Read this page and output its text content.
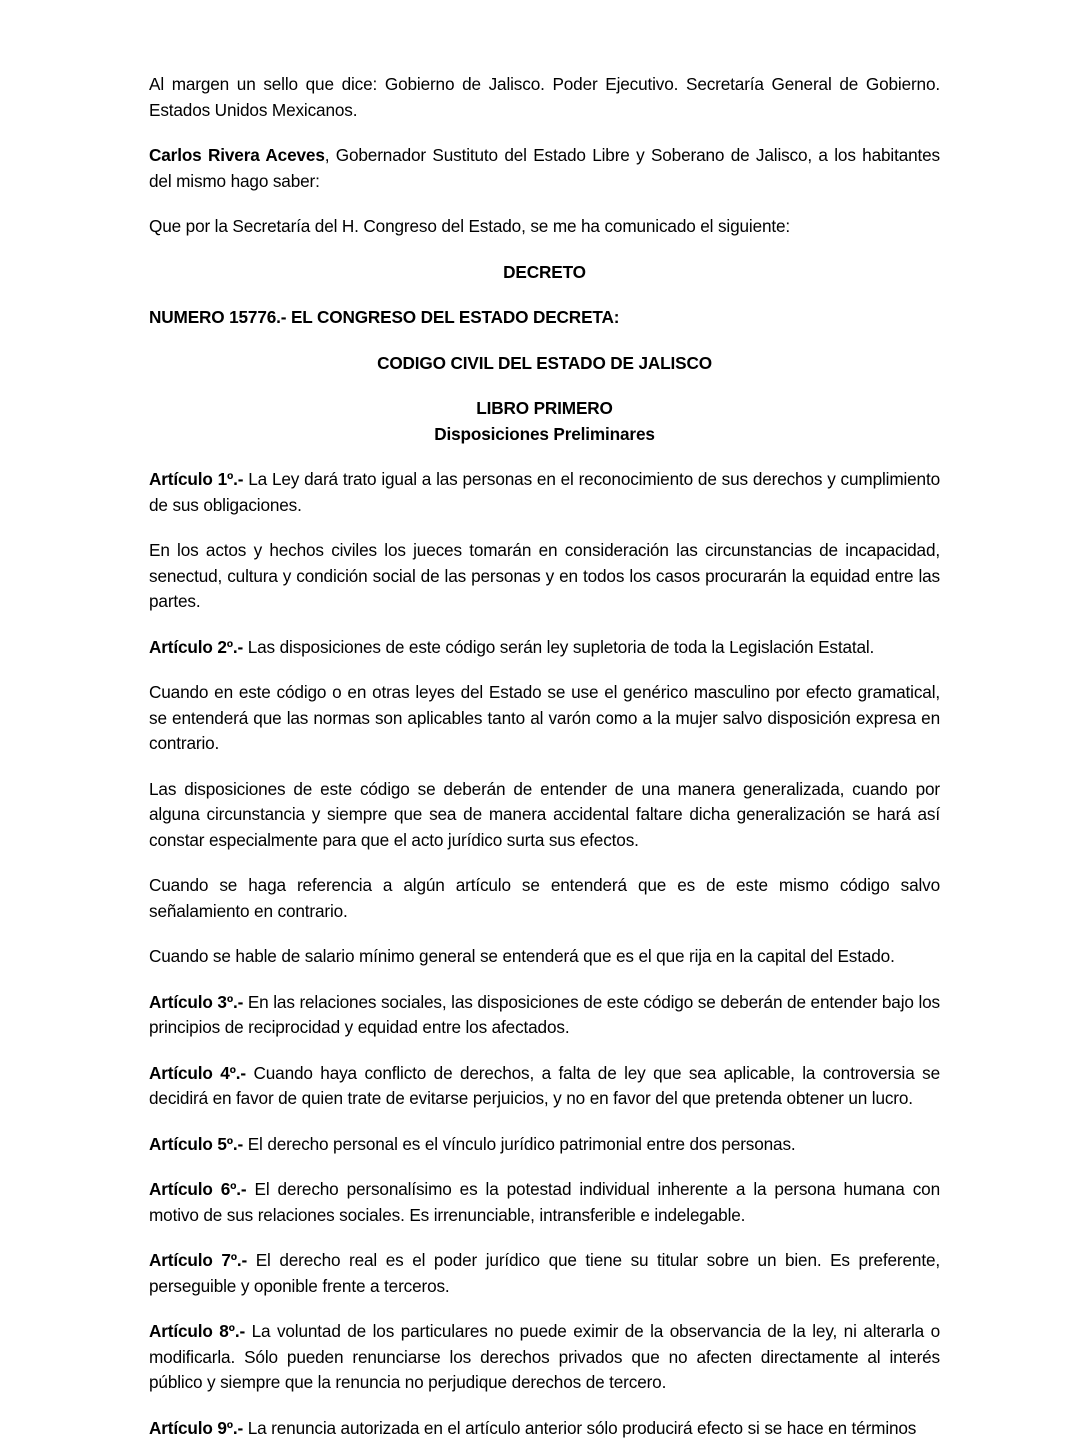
Al margen un sello que dice: Gobierno de Jalisco. Poder Ejecutivo. Secretaría General de Gobierno. Estados Unidos Mexicanos.

Carlos Rivera Aceves, Gobernador Sustituto del Estado Libre y Soberano de Jalisco, a los habitantes del mismo hago saber:

Que por la Secretaría del H. Congreso del Estado, se me ha comunicado el siguiente:

DECRETO

NUMERO 15776.- EL CONGRESO DEL ESTADO DECRETA:

CODIGO CIVIL DEL ESTADO DE JALISCO

LIBRO PRIMERO

Disposiciones Preliminares

Artículo 1º.- La Ley dará trato igual a las personas en el reconocimiento de sus derechos y cumplimiento de sus obligaciones.

En los actos y hechos civiles los jueces tomarán en consideración las circunstancias de incapacidad, senectud, cultura y condición social de las personas y en todos los casos procurarán la equidad entre las partes.

Artículo 2º.- Las disposiciones de este código serán ley supletoria de toda la Legislación Estatal.

Cuando en este código o en otras leyes del Estado se use el genérico masculino por efecto gramatical, se entenderá que las normas son aplicables tanto al varón como a la mujer salvo disposición expresa en contrario.

Las disposiciones de este código se deberán de entender de una manera generalizada, cuando por alguna circunstancia y siempre que sea de manera accidental faltare dicha generalización se hará así constar especialmente para que el acto jurídico surta sus efectos.

Cuando se haga referencia a algún artículo se entenderá que es de este mismo código salvo señalamiento en contrario.

Cuando se hable de salario mínimo general se entenderá que es el que rija en la capital del Estado.

Artículo 3º.- En las relaciones sociales, las disposiciones de este código se deberán de entender bajo los principios de reciprocidad y equidad entre los afectados.

Artículo 4º.- Cuando haya conflicto de derechos, a falta de ley que sea aplicable, la controversia se decidirá en favor de quien trate de evitarse perjuicios, y no en favor del que pretenda obtener un lucro.

Artículo 5º.- El derecho personal es el vínculo jurídico patrimonial entre dos personas.

Artículo 6º.- El derecho personalísimo es la potestad individual inherente a la persona humana con motivo de sus relaciones sociales. Es irrenunciable, intransferible e indelegable.

Artículo 7º.- El derecho real es el poder jurídico que tiene su titular sobre un bien. Es preferente, perseguible y oponible frente a terceros.

Artículo 8º.- La voluntad de los particulares no puede eximir de la observancia de la ley, ni alterarla o modificarla. Sólo pueden renunciarse los derechos privados que no afecten directamente al interés público y siempre que la renuncia no perjudique derechos de tercero.

Artículo 9º.- La renuncia autorizada en el artículo anterior sólo producirá efecto si se hace en términos
